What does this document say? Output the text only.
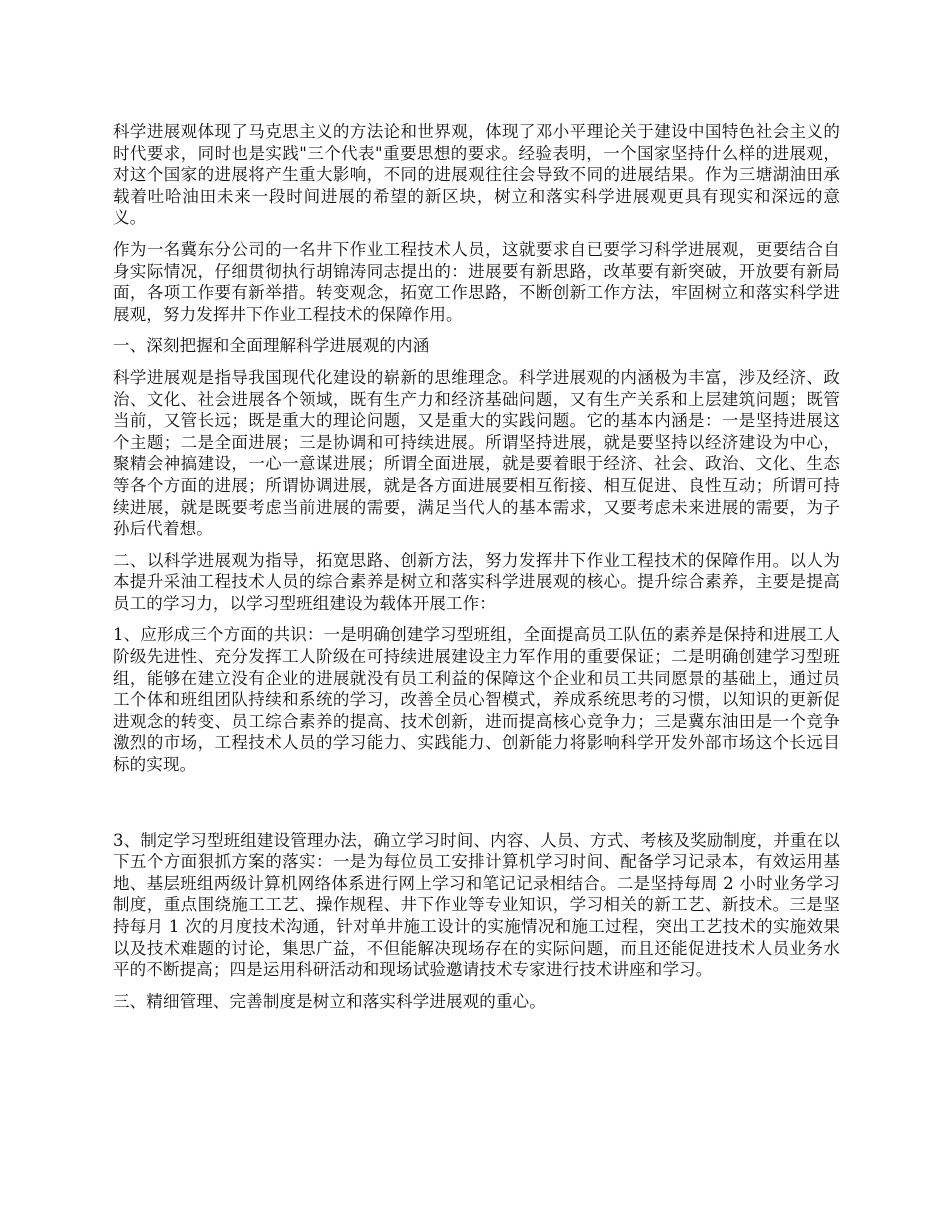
科学进展观体现了马克思主义的方法论和世界观，体现了邓小平理论关于建设中国特色社会主义的时代要求，同时也是实践"三个代表"重要思想的要求。经验表明，一个国家坚持什么样的进展观，对这个国家的进展将产生重大影响，不同的进展观往往会导致不同的进展结果。作为三塘湖油田承载着吐哈油田未来一段时间进展的希望的新区块，树立和落实科学进展观更具有现实和深远的意义。

作为一名冀东分公司的一名井下作业工程技术人员，这就要求自已要学习科学进展观，更要结合自身实际情况，仔细贯彻执行胡锦涛同志提出的：进展要有新思路，改革要有新突破，开放要有新局面，各项工作要有新举措。转变观念，拓宽工作思路，不断创新工作方法，牢固树立和落实科学进展观，努力发挥井下作业工程技术的保障作用。

一、深刻把握和全面理解科学进展观的内涵

科学进展观是指导我国现代化建设的崭新的思维理念。科学进展观的内涵极为丰富，涉及经济、政治、文化、社会进展各个领域，既有生产力和经济基础问题，又有生产关系和上层建筑问题；既管当前，又管长远；既是重大的理论问题，又是重大的实践问题。它的基本内涵是：一是坚持进展这个主题；二是全面进展；三是协调和可持续进展。所谓坚持进展，就是要坚持以经济建设为中心，聚精会神搞建设，一心一意谋进展；所谓全面进展，就是要着眼于经济、社会、政治、文化、生态等各个方面的进展；所谓协调进展，就是各方面进展要相互衔接、相互促进、良性互动；所谓可持续进展，就是既要考虑当前进展的需要，满足当代人的基本需求，又要考虑未来进展的需要，为子孙后代着想。

二、以科学进展观为指导，拓宽思路、创新方法，努力发挥井下作业工程技术的保障作用。以人为本提升采油工程技术人员的综合素养是树立和落实科学进展观的核心。提升综合素养，主要是提高员工的学习力，以学习型班组建设为载体开展工作：

1、应形成三个方面的共识：一是明确创建学习型班组，全面提高员工队伍的素养是保持和进展工人阶级先进性、充分发挥工人阶级在可持续进展建设主力军作用的重要保证；二是明确创建学习型班组，能够在建立没有企业的进展就没有员工利益的保障这个企业和员工共同愿景的基础上，通过员工个体和班组团队持续和系统的学习，改善全员心智模式，养成系统思考的习惯，以知识的更新促进观念的转变、员工综合素养的提高、技术创新，进而提高核心竞争力；三是冀东油田是一个竞争激烈的市场，工程技术人员的学习能力、实践能力、创新能力将影响科学开发外部市场这个长远目标的实现。

3、制定学习型班组建设管理办法，确立学习时间、内容、人员、方式、考核及奖励制度，并重在以下五个方面狠抓方案的落实：一是为每位员工安排计算机学习时间、配备学习记录本，有效运用基地、基层班组两级计算机网络体系进行网上学习和笔记记录相结合。二是坚持每周 2 小时业务学习制度，重点围绕施工工艺、操作规程、井下作业等专业知识，学习相关的新工艺、新技术。三是坚持每月 1 次的月度技术沟通，针对单井施工设计的实施情况和施工过程，突出工艺技术的实施效果以及技术难题的讨论，集思广益，不但能解决现场存在的实际问题，而且还能促进技术人员业务水平的不断提高；四是运用科研活动和现场试验邀请技术专家进行技术讲座和学习。

三、精细管理、完善制度是树立和落实科学进展观的重心。
